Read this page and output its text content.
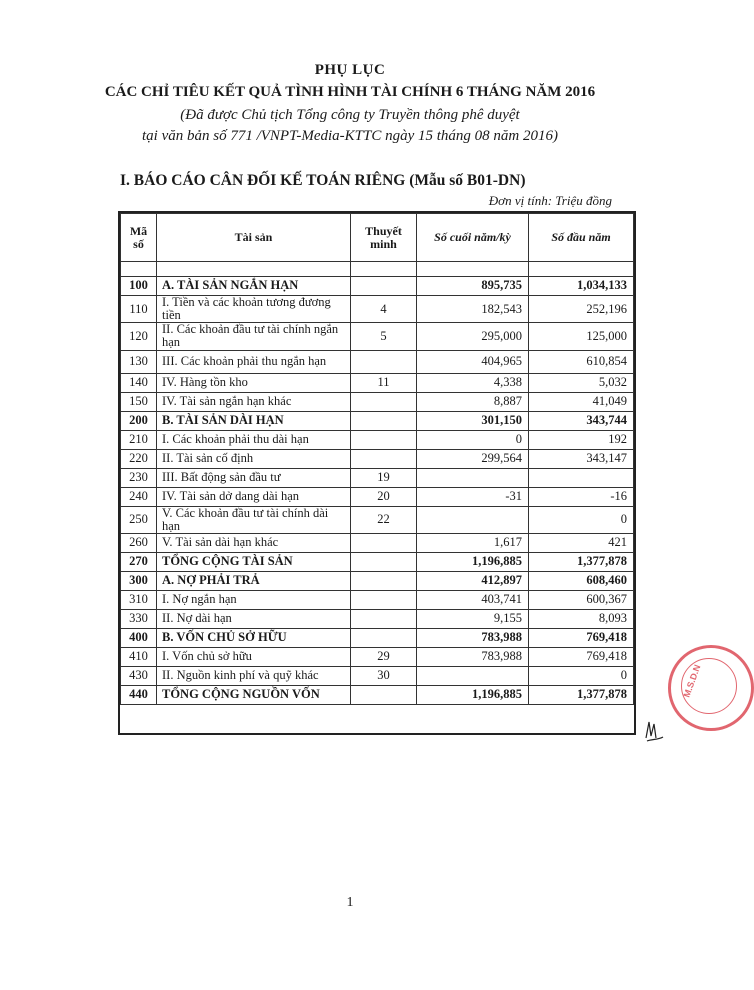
PHỤ LỤC
CÁC CHỈ TIÊU KẾT QUẢ TÌNH HÌNH TÀI CHÍNH 6 THÁNG NĂM 2016
(Đã được Chủ tịch Tổng công ty Truyền thông phê duyệt
tại văn bản số 771 /VNPT-Media-KTTC ngày 15 tháng 08 năm 2016)
I. BÁO CÁO CÂN ĐỐI KẾ TOÁN RIÊNG (Mẫu số B01-DN)
Đơn vị tính: Triệu đồng
Mã số	Tài sản	Thuyết minh	Số cuối năm/kỳ	Số đầu năm

100	A. TÀI SẢN NGẮN HẠN		895,735	1,034,133
110	I. Tiền và các khoản tương đương tiền	4	182,543	252,196
120	II. Các khoản đầu tư tài chính ngắn hạn	5	295,000	125,000
130	III. Các khoản phải thu ngắn hạn		404,965	610,854
140	IV. Hàng tồn kho	11	4,338	5,032
150	IV. Tài sản ngắn hạn khác		8,887	41,049
200	B. TÀI SẢN DÀI HẠN		301,150	343,744
210	I. Các khoản phải thu dài hạn		0	192
220	II. Tài sản cố định		299,564	343,147
230	III. Bất động sản đầu tư	19		
240	IV. Tài sản dở dang dài hạn	20	-31	-16
250	V. Các khoản đầu tư tài chính dài hạn	22		0
260	V. Tài sản dài hạn khác		1,617	421
270	TỔNG CỘNG TÀI SẢN		1,196,885	1,377,878
300	A. NỢ PHẢI TRẢ		412,897	608,460
310	I. Nợ ngắn hạn		403,741	600,367
330	II. Nợ dài hạn		9,155	8,093
400	B. VỐN CHỦ SỞ HỮU		783,988	769,418
410	I. Vốn chủ sở hữu	29	783,988	769,418
430	II. Nguồn kinh phí và quỹ khác	30		0
440	TỔNG CỘNG NGUỒN VỐN		1,196,885	1,377,878
1
M.S.D.N
